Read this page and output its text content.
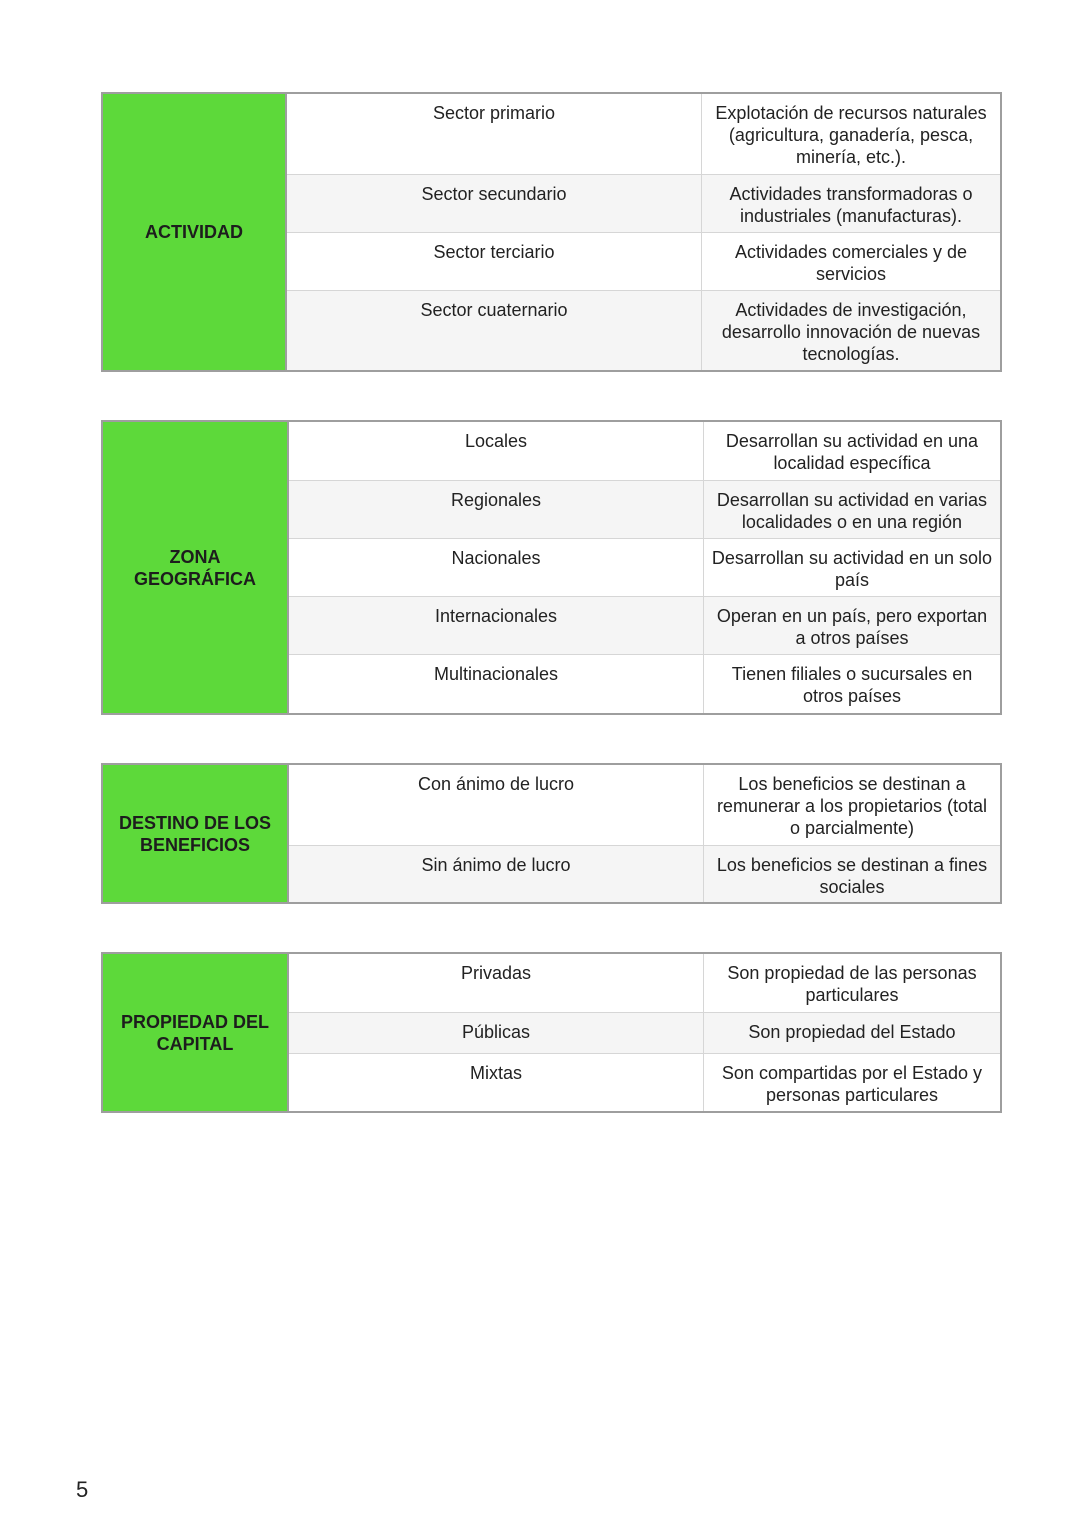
ACTIVIDAD
Sector primario	Explotación de recursos naturales (agricultura, ganadería, pesca, minería, etc.).
Sector secundario	Actividades transformadoras o industriales (manufacturas).
Sector terciario	Actividades comerciales y de servicios
Sector cuaternario	Actividades de investigación, desarrollo innovación de nuevas tecnologías.
ZONA GEOGRÁFICA
Locales	Desarrollan su actividad en una localidad específica
Regionales	Desarrollan su actividad en varias localidades o en una región
Nacionales	Desarrollan su actividad en un solo país
Internacionales	Operan en un país, pero exportan a otros países
Multinacionales	Tienen filiales o sucursales en otros países
DESTINO DE LOS BENEFICIOS
Con ánimo de lucro	Los beneficios se destinan a remunerar a los propietarios (total o parcialmente)
Sin ánimo de lucro	Los beneficios se destinan a fines sociales
PROPIEDAD DEL CAPITAL
Privadas	Son propiedad de las personas particulares
Públicas	Son propiedad del Estado
Mixtas	Son compartidas por el Estado y personas particulares
5
